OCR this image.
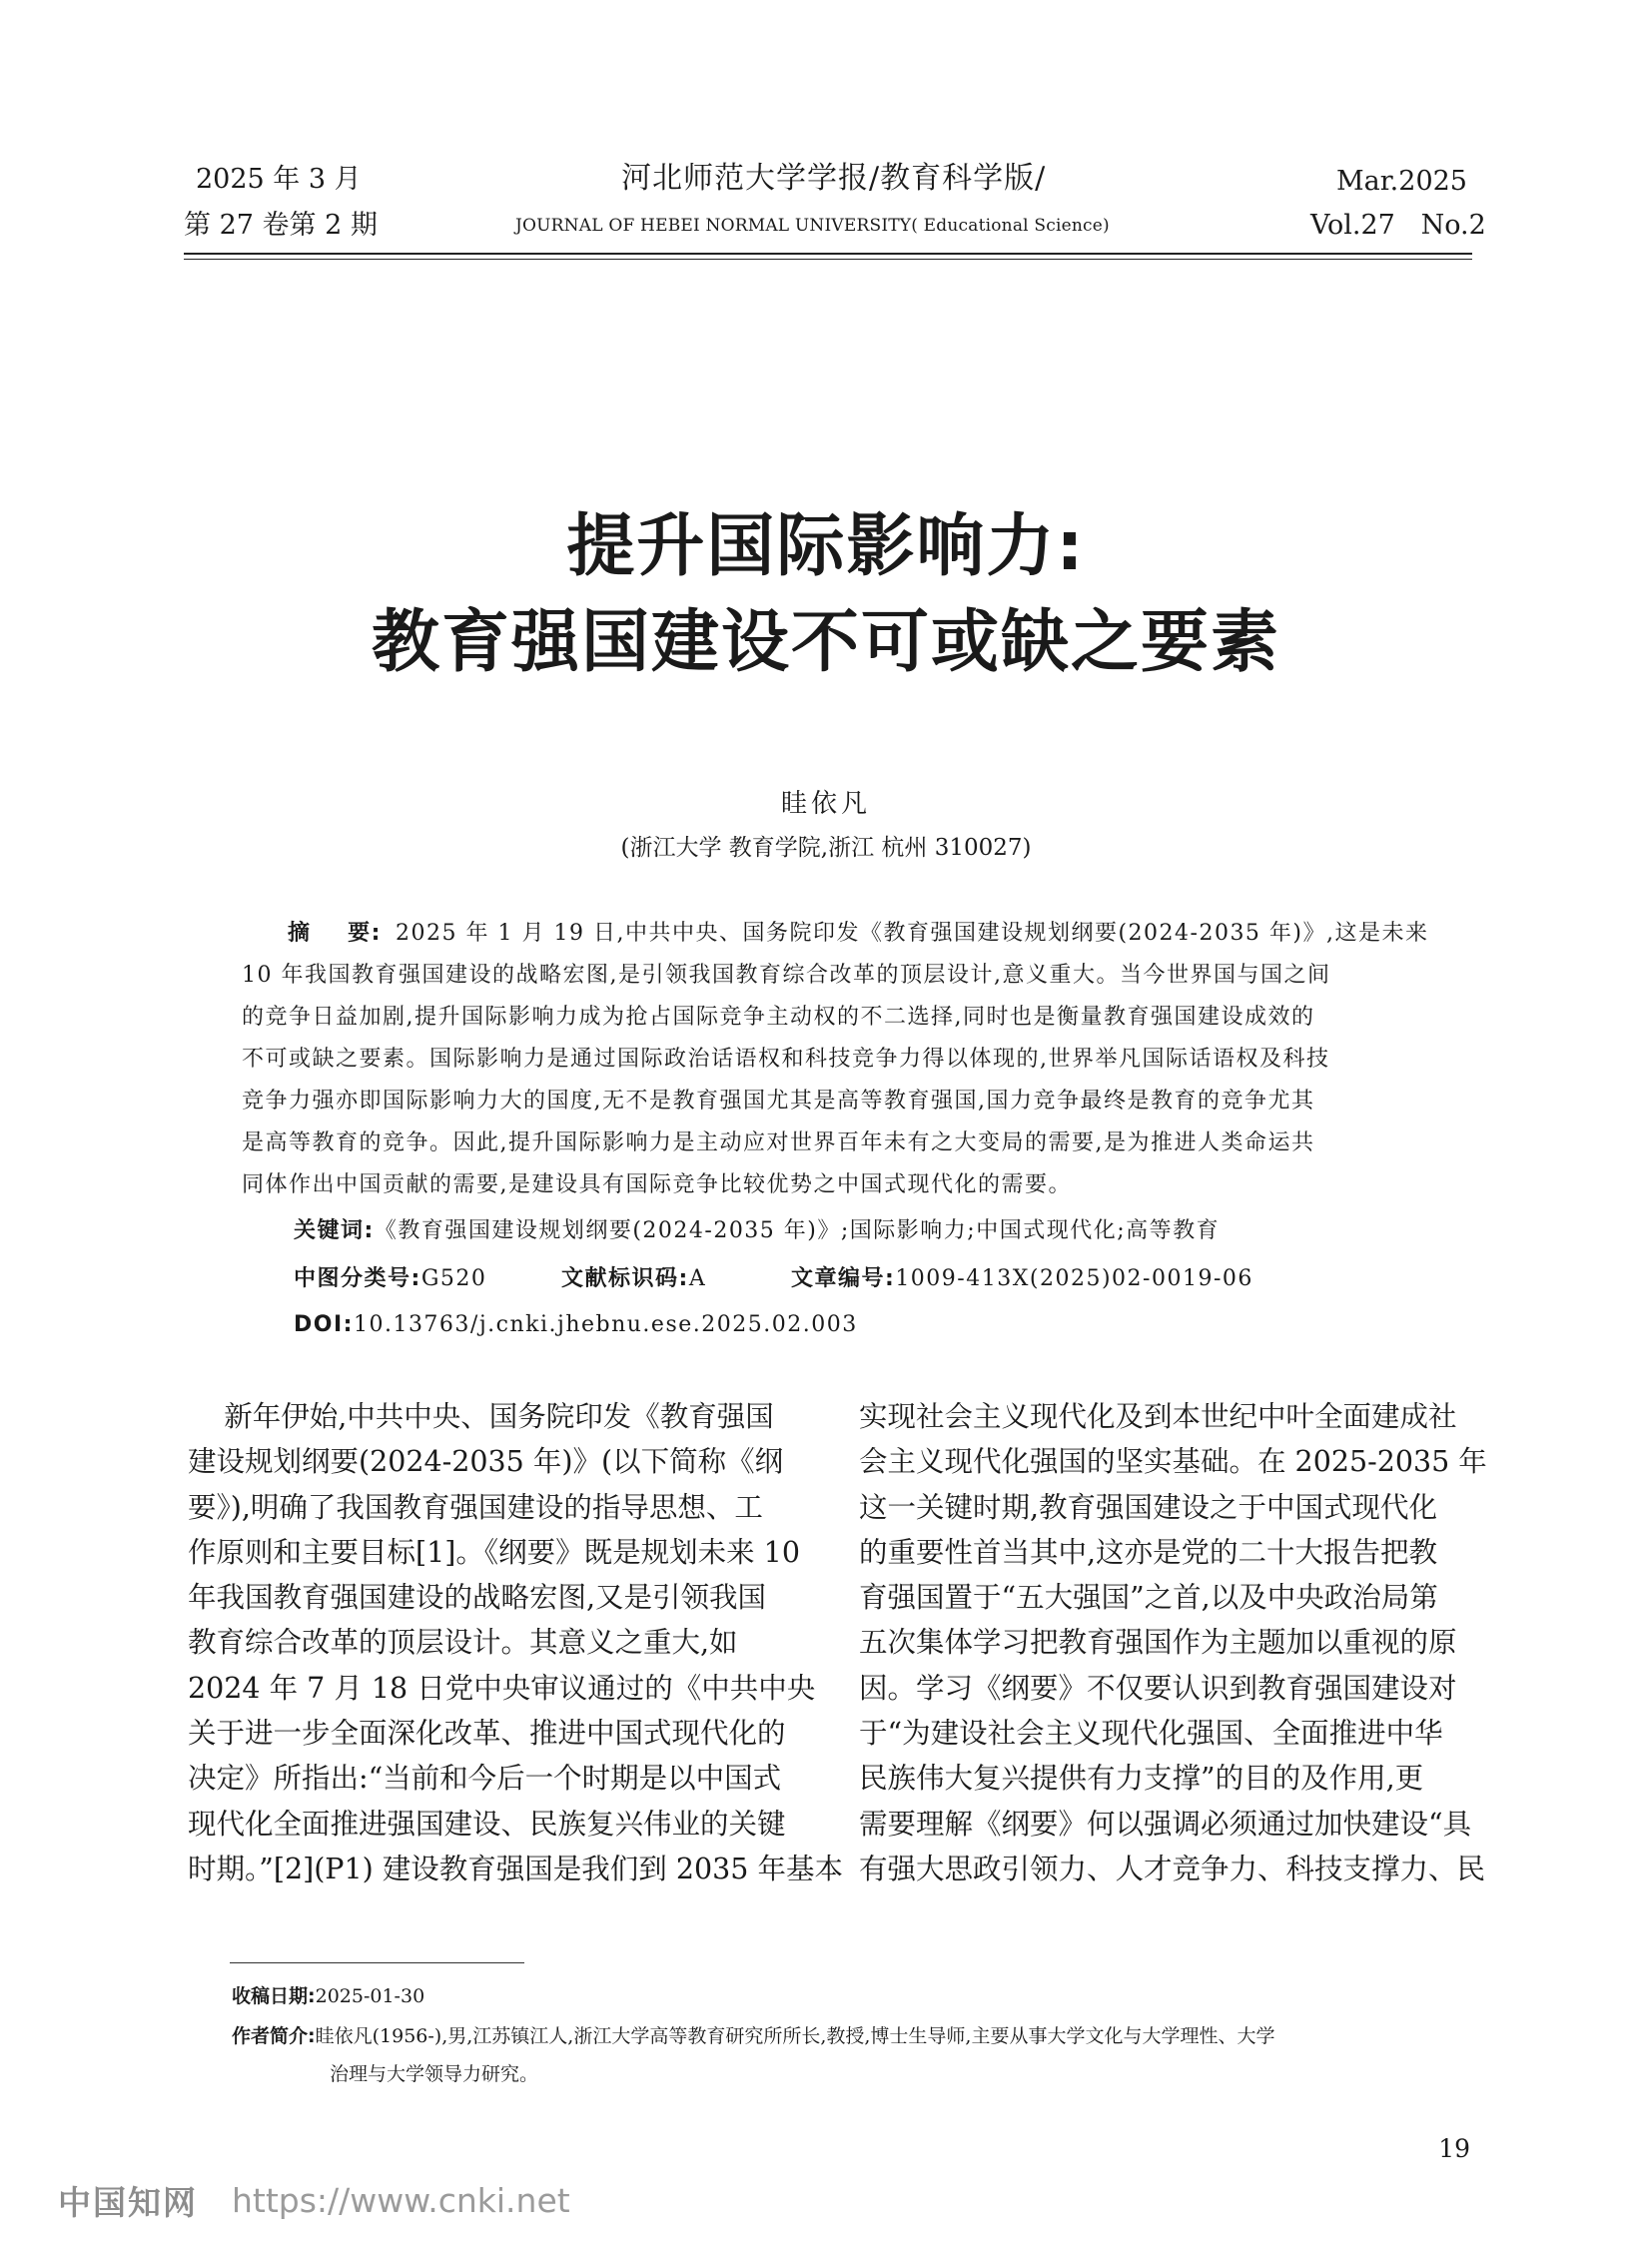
2025 年 3 月
第 27 卷第 2 期
河北师范大学学报/教育科学版/
JOURNAL OF HEBEI NORMAL UNIVERSITY( Educational Science)
Mar.2025
Vol.27   No.2
提升国际影响力:
教育强国建设不可或缺之要素
眭依凡
(浙江大学 教育学院,浙江 杭州 310027)
摘    要: 2025 年 1 月 19 日,中共中央、国务院印发《教育强国建设规划纲要(2024-2035 年)》,这是未来
10 年我国教育强国建设的战略宏图,是引领我国教育综合改革的顶层设计,意义重大。当今世界国与国之间
的竞争日益加剧,提升国际影响力成为抢占国际竞争主动权的不二选择,同时也是衡量教育强国建设成效的
不可或缺之要素。国际影响力是通过国际政治话语权和科技竞争力得以体现的,世界举凡国际话语权及科技
竞争力强亦即国际影响力大的国度,无不是教育强国尤其是高等教育强国,国力竞争最终是教育的竞争尤其
是高等教育的竞争。因此,提升国际影响力是主动应对世界百年未有之大变局的需要,是为推进人类命运共
同体作出中国贡献的需要,是建设具有国际竞争比较优势之中国式现代化的需要。
关键词:《教育强国建设规划纲要(2024-2035 年)》;国际影响力;中国式现代化;高等教育
中图分类号:G520	文献标识码:A	文章编号:1009-413X(2025)02-0019-06
DOI:10.13763/j.cnki.jhebnu.ese.2025.02.003

新年伊始,中共中央、国务院印发《教育强国

建设规划纲要(2024-2035 年)》(以下简称《纲

要》),明确了我国教育强国建设的指导思想、工

作原则和主要目标[1]。《纲要》既是规划未来 10

年我国教育强国建设的战略宏图,又是引领我国

教育综合改革的顶层设计。其意义之重大,如

2024 年 7 月 18 日党中央审议通过的《中共中央

关于进一步全面深化改革、推进中国式现代化的

决定》所指出:“当前和今后一个时期是以中国式

现代化全面推进强国建设、民族复兴伟业的关键

时期。”[2](P1) 建设教育强国是我们到 2035 年基本

实现社会主义现代化及到本世纪中叶全面建成社

会主义现代化强国的坚实基础。在 2025-2035 年

这一关键时期,教育强国建设之于中国式现代化

的重要性首当其中,这亦是党的二十大报告把教

育强国置于“五大强国”之首,以及中央政治局第

五次集体学习把教育强国作为主题加以重视的原

因。学习《纲要》不仅要认识到教育强国建设对

于“为建设社会主义现代化强国、全面推进中华

民族伟大复兴提供有力支撑”的目的及作用,更

需要理解《纲要》何以强调必须通过加快建设“具

有强大思政引领力、人才竞争力、科技支撑力、民

收稿日期:2025-01-30
作者简介:眭依凡(1956-),男,江苏镇江人,浙江大学高等教育研究所所长,教授,博士生导师,主要从事大学文化与大学理性、大学
治理与大学领导力研究。
19
中国知网 https://www.cnki.net
